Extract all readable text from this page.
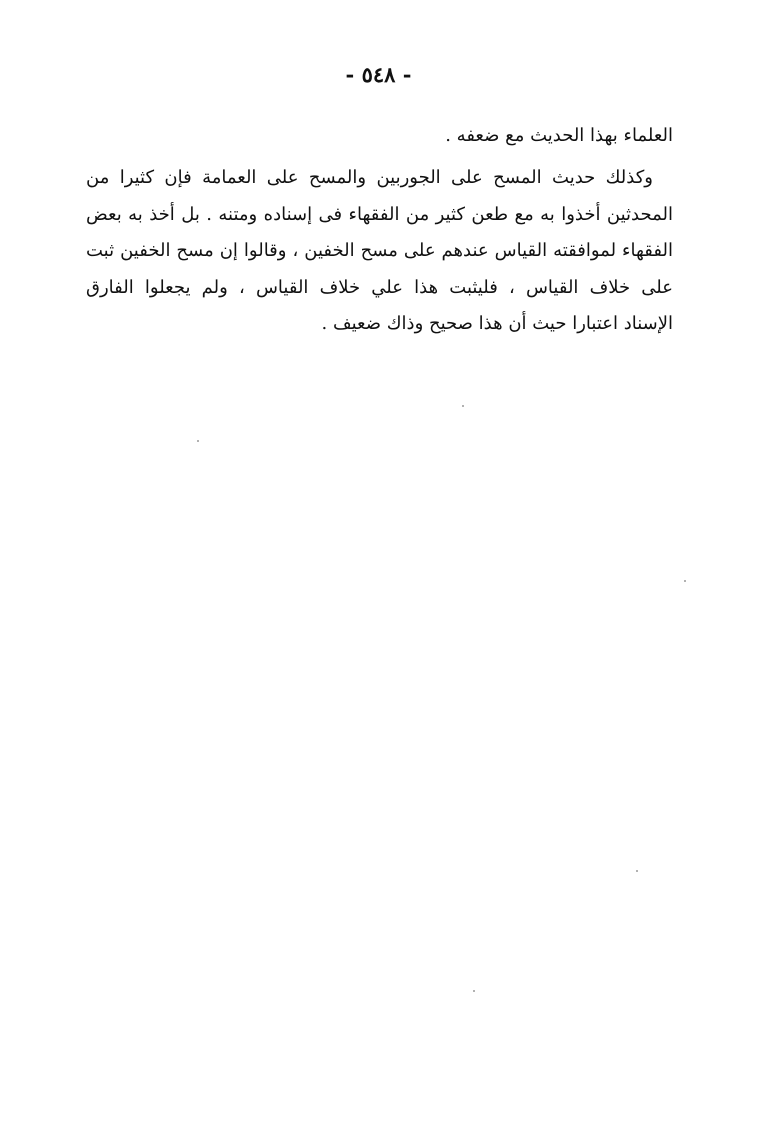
- ٥٤٨ -
العلماء بهذا الحديث مع ضعفه .
وكذلك حديث المسح على الجوربين والمسح على العمامة فإن كثيرا من
المحدثين أخذوا به مع طعن كثير من الفقهاء فى إسناده ومتنه . بل أخذ به بعض
الفقهاء لموافقته القياس عندهم على مسح الخفين ، وقالوا إن مسح الخفين ثبت
على خلاف القياس ، فليثبت هذا علي خلاف القياس ، ولم يجعلوا الفارق
الإسناد اعتبارا حيث أن هذا صحيح وذاك ضعيف .
